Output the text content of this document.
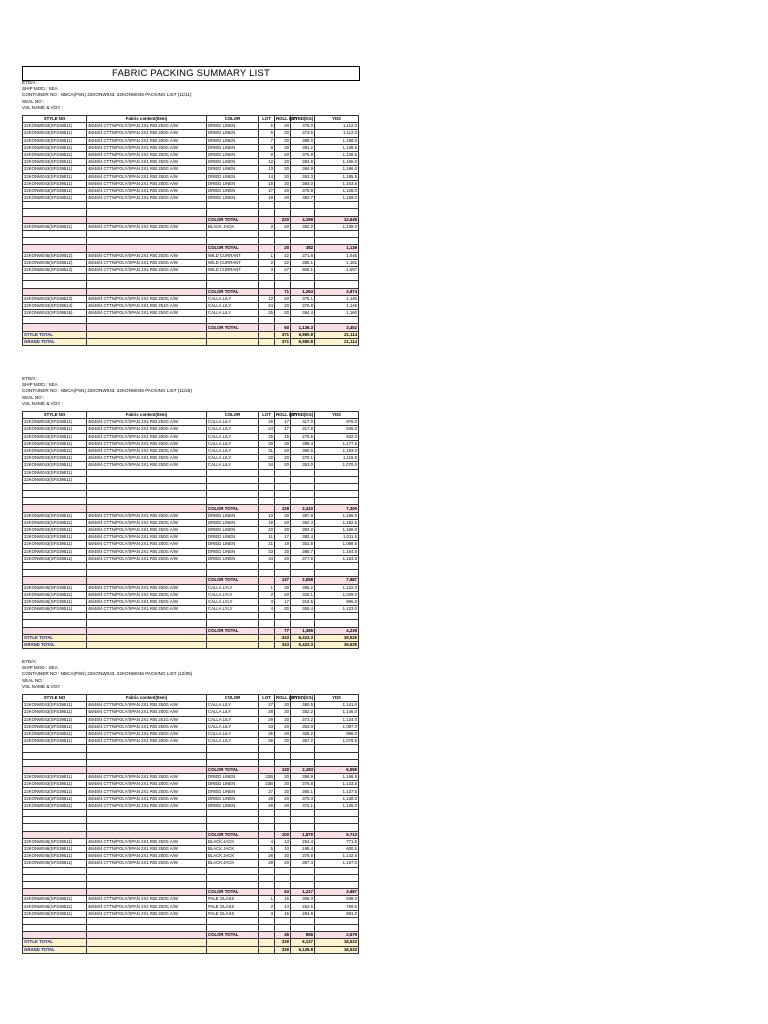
FABRIC PACKING SUMMARY LIST
ETD/A:
SHIP MOD : SEA
CONTAINER NO : NBCA(PSN) 22KONW043, 22KONW046 PACKING LIST (11/11)
SEAL NO :
VSL NAME & VOY :
STYLE NO	Fabric content(Item)	COLOR	LOT	ROLL QTY	DYED(KG)	YDS
22KONW043(SFS39511)	48/48/4 CTTN/POLY/SPAN 2X1 RIB 250G A/W	DRIED LINEN	5	20	378.0	1,112.0
22KONW043(SFS39511)	48/48/4 CTTN/POLY/SPAN 2X1 RIB 250G A/W	DRIED LINEN	6	20	373.5	1,112.0
22KONW043(SFS39511)	48/48/4 CTTN/POLY/SPAN 2X1 RIB 250G A/W	DRIED LINEN	7	20	388.0	1,158.0
22KONW043(SFS39511)	48/48/4 CTTN/POLY/SPAN 2X1 RIB 250G A/W	DRIED LINEN	8	20	381.2	1,138.5
22KONW043(SFS39511)	48/48/4 CTTN/POLY/SPAN 2X1 RIB 250G A/W	DRIED LINEN	9	20	375.8	1,138.5
22KONW043(SFS39511)	48/48/4 CTTN/POLY/SPAN 2X1 RIB 250G A/W	DRIED LINEN	12	20	384.9	1,166.0
22KONW043(SFS39511)	48/48/4 CTTN/POLY/SPAN 2X1 RIB 250G A/W	DRIED LINEN	13	20	384.9	1,166.0
22KONW043(SFS39511)	48/48/4 CTTN/POLY/SPAN 2X1 RIB 250G A/W	DRIED LINEN	14	20	393.3	1,185.5
22KONW043(SFS39511)	48/48/4 CTTN/POLY/SPAN 2X1 RIB 250G A/W	DRIED LINEN	15	20	384.0	1,163.5
22KONW043(SFS39511)	48/48/4 CTTN/POLY/SPAN 2X1 RIB 250G A/W	DRIED LINEN	17	20	376.8	1,128.0
22KONW043(SFS39511)	48/48/4 CTTN/POLY/SPAN 2X1 RIB 250G A/W	DRIED LINEN	18	20	382.7	1,159.0

		COLOR TOTAL		220	4,199	12,649
22KONW046(SFS39511)	48/48/4 CTTN/POLY/SPAN 2X1 RIB 250G A/W	BLACK JACK	3	20	382.2	1,139.0

		COLOR TOTAL		20	382	1,139
22KONW046(SFS39512)	48/48/4 CTTN/POLY/SPAN 2X1 RIB 250G A/W	WILD CURRANT	1	22	371.8	1,046
22KONW046(SFS39512)	48/48/4 CTTN/POLY/SPAN 2X1 RIB 250G A/W	WILD CURRANT	2	22	385.1	1,181
22KONW046(SFS39513)	48/48/4 CTTN/POLY/SPAN 2X1 RIB 250G A/W	WILD CURRANT	3	27	506.1	1,557

		COLOR TOTAL		71	1,263	3,874
22KONW043(SFS39513)	48/48/4 CTTN/POLY/SPAN 2X1 RIB 250G A/W	CALLA LILY	12	20	375.1	1,146
22KONW043(SFS39514)	48/48/4 CTTN/POLY/SPAN 2X1 RIB 251G A/W	CALLA LILY	24	20	376.8	1,146
22KONW043(SFS39515)	48/48/4 CTTN/POLY/SPAN 2X1 RIB 250G A/W	CALLA LILY	25	20	384.4	1,160

		COLOR TOTAL		60	1,136.3	3,452
STYLE TOTAL				371	6,980.8	21,114
GRAND TOTAL				371	6,980.8	21,114
ETD/A:
SHIP MOD : SEA
CONTAINER NO : NBCA(PSN) 22KONW043, 22KONW046 PACKING LIST (11/28)
SEAL NO :
VSL NAME & VOY :
STYLE NO	Fabric content(Item)	COLOR	LOT	ROLL QTY	DYED(KG)	YDS
22KONW043(SFS39511)	48/48/4 CTTN/POLY/SPAN 2X1 RIB 250G A/W	CALLA LILY	26	17	317.0	976.0
22KONW043(SFS39511)	48/48/4 CTTN/POLY/SPAN 2X1 RIB 250G A/W	CALLA LILY	24	17	317.8	945.0
22KONW043(SFS39511)	48/48/4 CTTN/POLY/SPAN 2X1 RIB 250G A/W	CALLA LILY	25	15	275.5	832.0
22KONW043(SFS39511)	48/48/4 CTTN/POLY/SPAN 2X1 RIB 250G A/W	CALLA LILY	30	20	388.4	1,177.5
22KONW043(SFS39511)	48/48/4 CTTN/POLY/SPAN 2X1 RIB 250G A/W	CALLA LILY	31	20	390.6	1,183.0
22KONW043(SFS39511)	48/48/4 CTTN/POLY/SPAN 2X1 RIB 250G A/W	CALLA LILY	32	20	370.1	1,115.5
22KONW043(SFS39511)	48/48/4 CTTN/POLY/SPAN 2X1 RIB 250G A/W	CALLA LILY	34	20	353.0	1,070.0
22KONW043(SFS39511)						
22KONW043(SFS39511)						

		COLOR TOTAL		129	2,410	7,300
22KONW043(SFS39511)	48/48/4 CTTN/POLY/SPAN 2X1 RIB 250G A/W	DRIED LINEN	10	20	387.8	1,186.0
22KONW043(SFS39511)	48/48/4 CTTN/POLY/SPAN 2X1 RIB 250G A/W	DRIED LINEN	19	20	382.4	1,182.5
22KONW043(SFS39511)	48/48/4 CTTN/POLY/SPAN 2X1 RIB 250G A/W	DRIED LINEN	20	20	393.2	1,186.0
22KONW043(SFS39511)	48/48/4 CTTN/POLY/SPAN 2X1 RIB 250G A/W	DRIED LINEN	11	17	382.4	1,011.5
22KONW043(SFS39511)	48/48/4 CTTN/POLY/SPAN 2X1 RIB 250G A/W	DRIED LINEN	21	19	352.6	1,088.5
22KONW043(SFS39511)	48/48/4 CTTN/POLY/SPAN 2X1 RIB 250G A/W	DRIED LINEN	33	20	385.7	1,164.5
22KONW043(SFS39511)	48/48/4 CTTN/POLY/SPAN 2X1 RIB 250G A/W	DRIED LINEN	34	20	377.6	1,163.5

		COLOR TOTAL		137	2,658	7,987
22KONW046(SFS39511)	48/48/4 CTTN/POLY/SPAN 2X1 RIB 250G A/W	CALLA LYLY	1	20	355.2	1,122.0
22KONW046(SFS39511)	48/48/4 CTTN/POLY/SPAN 2X1 RIB 250G A/W	CALLA LYLY	2	20	326.1	1,029.0
22KONW046(SFS39511)	48/48/4 CTTN/POLY/SPAN 2X1 RIB 250G A/W	CALLA LYLY	3	17	318.5	965.0
22KONW046(SFS39511)	48/48/4 CTTN/POLY/SPAN 2X1 RIB 250G A/W	CALLA LYLY	4	20	355.4	1,123.0

		COLOR TOTAL		77	1,355	4,239
STYLE TOTAL				343	6,423.3	19,525
GRAND TOTAL				343	6,423.3	19,525
ETD/A:
SHIP MOD : SEA
CONTAINER NO : NBCA(PSN) 22KONW043, 22KONW046 PACKING LIST (12/05)
SEAL NO :
VSL NAME & VOY :
STYLE NO	Fabric content(Item)	COLOR	LOT	ROLL QTY	DYED(KG)	YDS
22KONW043(SFS39511)	48/48/4 CTTN/POLY/SPAN 2X1 RIB 250G A/W	CALLA LILY	27	20	380.5	1,141.0
22KONW043(SFS39511)	48/48/4 CTTN/POLY/SPAN 2X1 RIB 250G A/W	CALLA LILY	28	20	382.2	1,146.0
22KONW043(SFS39511)	48/48/4 CTTN/POLY/SPAN 2X1 RIB 251G A/W	CALLA LILY	29	20	373.2	1,124.0
22KONW043(SFS39511)	48/48/4 CTTN/POLY/SPAN 2X1 RIB 250G A/W	CALLA LILY	33	20	363.0	1,097.0
22KONW043(SFS39511)	48/48/4 CTTN/POLY/SPAN 2X1 RIB 250G A/W	CALLA LILY	35	20	326.2	986.0
22KONW043(SFS39511)	48/48/4 CTTN/POLY/SPAN 2X1 RIB 250G A/W	CALLA LILY	36	20	357.2	1,078.5

		COLOR TOTAL		120	2,183	6,555
22KONW043(SFS39511)	48/48/4 CTTN/POLY/SPAN 2X1 RIB 250G A/W	DRIED LINEN	22B	20	386.9	1,168.5
22KONW043(SFS39511)	48/48/4 CTTN/POLY/SPAN 2X1 RIB 250G A/W	DRIED LINEN	23B	20	375.8	1,133.5
22KONW043(SFS39511)	48/48/4 CTTN/POLY/SPAN 2X1 RIB 250G A/W	DRIED LINEN	27	20	365.1	1,137.5
22KONW043(SFS39511)	48/48/4 CTTN/POLY/SPAN 2X1 RIB 250G A/W	DRIED LINEN	28	20	370.4	1,138.5
22KONW043(SFS39511)	48/48/4 CTTN/POLY/SPAN 2X1 RIB 250G A/W	DRIED LINEN	29	20	372.1	1,135.0

		COLOR TOTAL		100	1,870	5,713
22KONW046(SFS39511)	48/48/4 CTTN/POLY/SPAN 2X1 RIB 250G A/W	BLACK JACK	4	13	254.4	771.5
22KONW046(SFS39511)	48/48/4 CTTN/POLY/SPAN 2X1 RIB 250G A/W	BLACK JACK	5	10	198.4	600.5
22KONW046(SFS39511)	48/48/4 CTTN/POLY/SPAN 2X1 RIB 250G A/W	BLACK JACK	26	20	376.6	1,142.5
22KONW046(SFS39511)	48/48/4 CTTN/POLY/SPAN 2X1 RIB 250G A/W	BLACK JACK	28	20	387.4	1,167.0

		COLOR TOTAL		63	1,217	3,687
22KONW046(SFS39511)	48/48/4 CTTN/POLY/SPAN 2X1 RIB 250G A/W	PALE GLASS	1	16	306.3	938.0
22KONW046(SFS39511)	48/48/4 CTTN/POLY/SPAN 2X1 RIB 250G A/W	PALE GLASS	2	14	254.5	759.5
22KONW046(SFS39511)	48/48/4 CTTN/POLY/SPAN 2X1 RIB 250G A/W	PALE GLASS	3	16	294.9	881.0

		COLOR TOTAL		46	856	2,579
STYLE TOTAL				329	6,127	18,533
GRAND TOTAL				329	6,126.8	18,533
